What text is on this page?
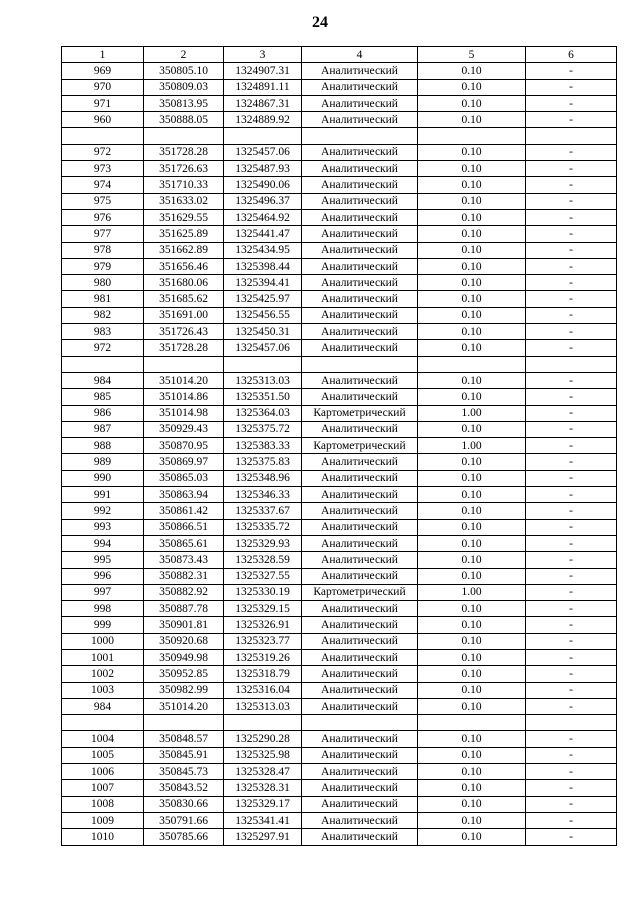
24
1	2	3	4	5	6
969	350805.10	1324907.31	Аналитический	0.10	-
970	350809.03	1324891.11	Аналитический	0.10	-
971	350813.95	1324867.31	Аналитический	0.10	-
960	350888.05	1324889.92	Аналитический	0.10	-

972	351728.28	1325457.06	Аналитический	0.10	-
973	351726.63	1325487.93	Аналитический	0.10	-
974	351710.33	1325490.06	Аналитический	0.10	-
975	351633.02	1325496.37	Аналитический	0.10	-
976	351629.55	1325464.92	Аналитический	0.10	-
977	351625.89	1325441.47	Аналитический	0.10	-
978	351662.89	1325434.95	Аналитический	0.10	-
979	351656.46	1325398.44	Аналитический	0.10	-
980	351680.06	1325394.41	Аналитический	0.10	-
981	351685.62	1325425.97	Аналитический	0.10	-
982	351691.00	1325456.55	Аналитический	0.10	-
983	351726.43	1325450.31	Аналитический	0.10	-
972	351728.28	1325457.06	Аналитический	0.10	-

984	351014.20	1325313.03	Аналитический	0.10	-
985	351014.86	1325351.50	Аналитический	0.10	-
986	351014.98	1325364.03	Картометрический	1.00	-
987	350929.43	1325375.72	Аналитический	0.10	-
988	350870.95	1325383.33	Картометрический	1.00	-
989	350869.97	1325375.83	Аналитический	0.10	-
990	350865.03	1325348.96	Аналитический	0.10	-
991	350863.94	1325346.33	Аналитический	0.10	-
992	350861.42	1325337.67	Аналитический	0.10	-
993	350866.51	1325335.72	Аналитический	0.10	-
994	350865.61	1325329.93	Аналитический	0.10	-
995	350873.43	1325328.59	Аналитический	0.10	-
996	350882.31	1325327.55	Аналитический	0.10	-
997	350882.92	1325330.19	Картометрический	1.00	-
998	350887.78	1325329.15	Аналитический	0.10	-
999	350901.81	1325326.91	Аналитический	0.10	-
1000	350920.68	1325323.77	Аналитический	0.10	-
1001	350949.98	1325319.26	Аналитический	0.10	-
1002	350952.85	1325318.79	Аналитический	0.10	-
1003	350982.99	1325316.04	Аналитический	0.10	-
984	351014.20	1325313.03	Аналитический	0.10	-

1004	350848.57	1325290.28	Аналитический	0.10	-
1005	350845.91	1325325.98	Аналитический	0.10	-
1006	350845.73	1325328.47	Аналитический	0.10	-
1007	350843.52	1325328.31	Аналитический	0.10	-
1008	350830.66	1325329.17	Аналитический	0.10	-
1009	350791.66	1325341.41	Аналитический	0.10	-
1010	350785.66	1325297.91	Аналитический	0.10	-
